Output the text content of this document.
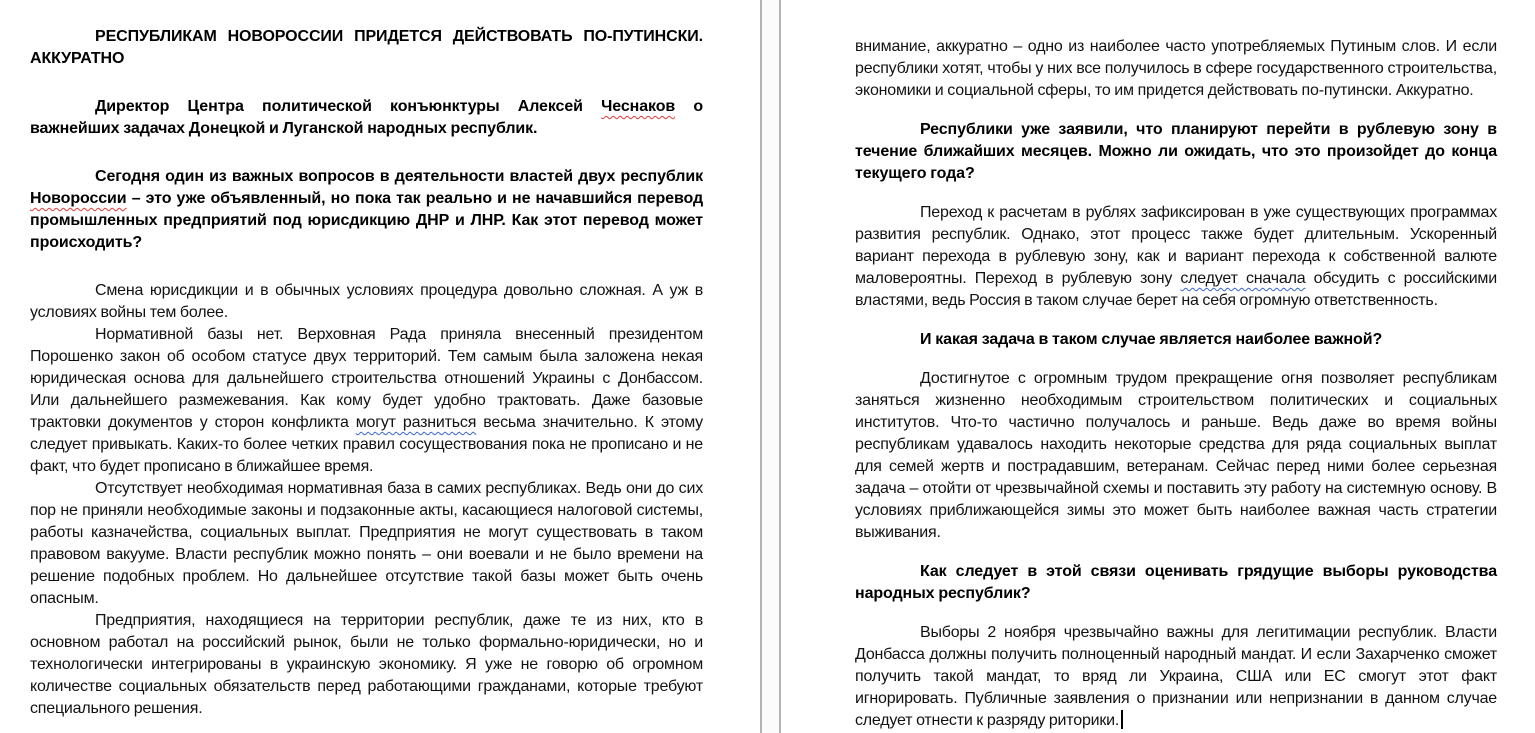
РЕСПУБЛИКАМ НОВОРОССИИ ПРИДЕТСЯ ДЕЙСТВОВАТЬ ПО-ПУТИНСКИ. АККУРАТНО

Директор Центра политической конъюнктуры Алексей Чеснаков о важнейших задачах Донецкой и Луганской народных республик.

Сегодня один из важных вопросов в деятельности властей двух республик Новороссии – это уже объявленный, но пока так реально и не начавшийся перевод промышленных предприятий под юрисдикцию ДНР и ЛНР. Как этот перевод может происходить?

Смена юрисдикции и в обычных условиях процедура довольно сложная. А уж в условиях войны тем более.

Нормативной базы нет. Верховная Рада приняла внесенный президентом Порошенко закон об особом статусе двух территорий. Тем самым была заложена некая юридическая основа для дальнейшего строительства отношений Украины с Донбассом. Или дальнейшего размежевания. Как кому будет удобно трактовать. Даже базовые трактовки документов у сторон конфликта могут разниться весьма значительно. К этому следует привыкать. Каких-то более четких правил сосуществования пока не прописано и не факт, что будет прописано в ближайшее время.

Отсутствует необходимая нормативная база в самих республиках. Ведь они до сих пор не приняли необходимые законы и подзаконные акты, касающиеся налоговой системы, работы казначейства, социальных выплат. Предприятия не могут существовать в таком правовом вакууме. Власти республик можно понять – они воевали и не было времени на решение подобных проблем. Но дальнейшее отсутствие такой базы может быть очень опасным.

Предприятия, находящиеся на территории республик, даже те из них, кто в основном работал на российский рынок, были не только формально-юридически, но и технологически интегрированы в украинскую экономику. Я уже не говорю об огромном количестве социальных обязательств перед работающими гражданами, которые требуют специального решения.

внимание, аккуратно – одно из наиболее часто употребляемых Путиным слов. И если республики хотят, чтобы у них все получилось в сфере государственного строительства, экономики и социальной сферы, то им придется действовать по-путински. Аккуратно.

Республики уже заявили, что планируют перейти в рублевую зону в течение ближайших месяцев. Можно ли ожидать, что это произойдет до конца текущего года?

Переход к расчетам в рублях зафиксирован в уже существующих программах развития республик. Однако, этот процесс также будет длительным. Ускоренный вариант перехода в рублевую зону, как и вариант перехода к собственной валюте маловероятны. Переход в рублевую зону следует сначала обсудить с российскими властями, ведь Россия в таком случае берет на себя огромную ответственность.

И какая задача в таком случае является наиболее важной?

Достигнутое с огромным трудом прекращение огня позволяет республикам заняться жизненно необходимым строительством политических и социальных институтов. Что-то частично получалось и раньше. Ведь даже во время войны республикам удавалось находить некоторые средства для ряда социальных выплат для семей жертв и пострадавшим, ветеранам. Сейчас перед ними более серьезная задача – отойти от чрезвычайной схемы и поставить эту работу на системную основу. В условиях приближающейся зимы это может быть наиболее важная часть стратегии выживания.

Как следует в этой связи оценивать грядущие выборы руководства народных республик?

Выборы 2 ноября чрезвычайно важны для легитимации республик. Власти Донбасса должны получить полноценный народный мандат. И если Захарченко сможет получить такой мандат, то вряд ли Украина, США или ЕС смогут этот факт игнорировать. Публичные заявления о признании или непризнании в данном случае следует отнести к разряду риторики.
